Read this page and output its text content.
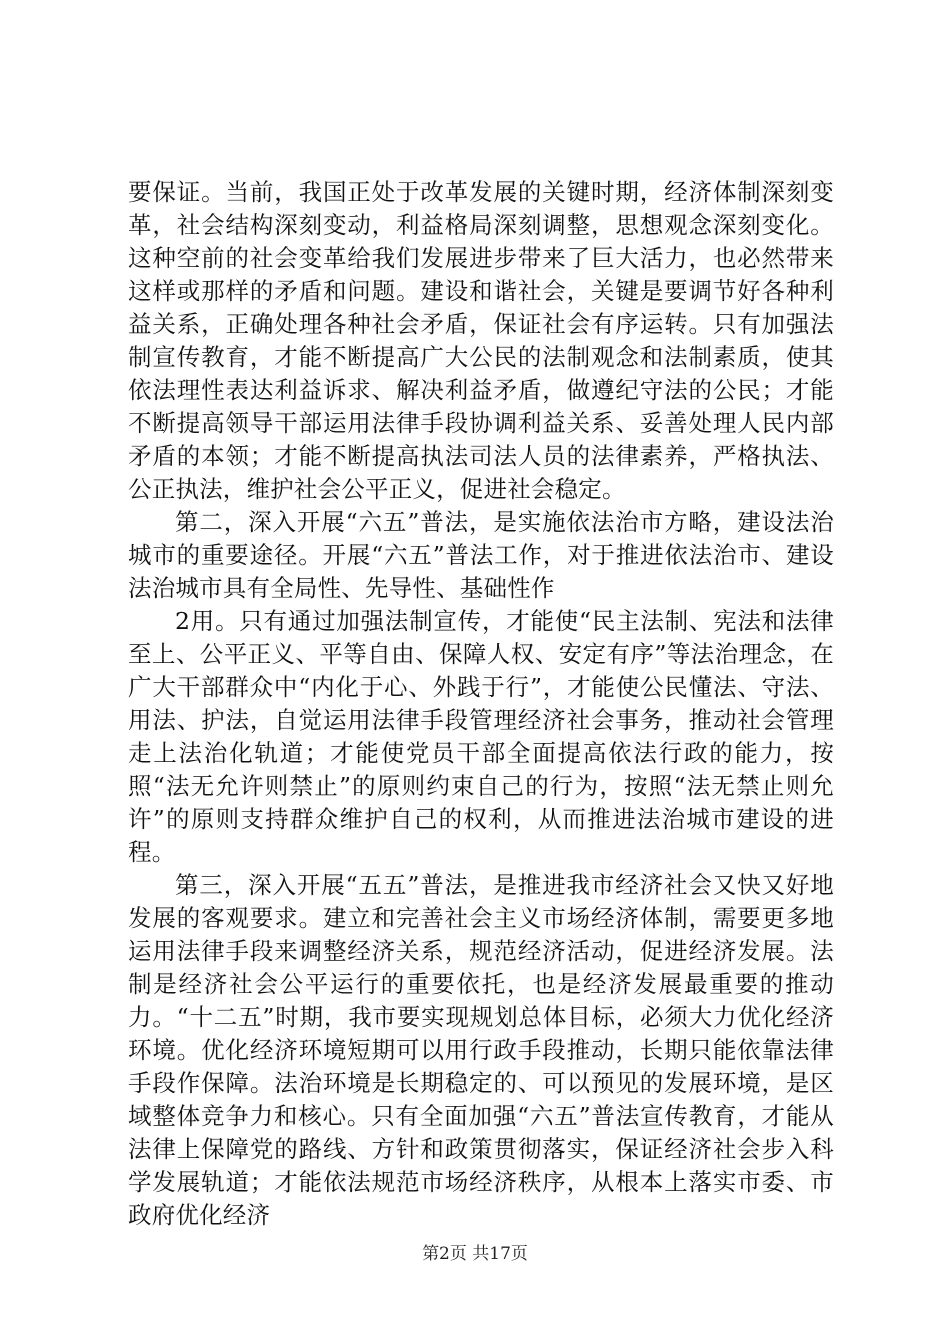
要保证。当前，我国正处于改革发展的关键时期，经济体制深刻变革，社会结构深刻变动，利益格局深刻调整，思想观念深刻变化。这种空前的社会变革给我们发展进步带来了巨大活力，也必然带来这样或那样的矛盾和问题。建设和谐社会，关键是要调节好各种利益关系，正确处理各种社会矛盾，保证社会有序运转。只有加强法制宣传教育，才能不断提高广大公民的法制观念和法制素质，使其依法理性表达利益诉求、解决利益矛盾，做遵纪守法的公民；才能不断提高领导干部运用法律手段协调利益关系、妥善处理人民内部矛盾的本领；才能不断提高执法司法人员的法律素养，严格执法、公正执法，维护社会公平正义，促进社会稳定。

第二，深入开展“六五”普法，是实施依法治市方略，建设法治城市的重要途径。开展“六五”普法工作，对于推进依法治市、建设法治城市具有全局性、先导性、基础性作

2用。只有通过加强法制宣传，才能使“民主法制、宪法和法律至上、公平正义、平等自由、保障人权、安定有序”等法治理念，在广大干部群众中“内化于心、外践于行”，才能使公民懂法、守法、用法、护法，自觉运用法律手段管理经济社会事务，推动社会管理走上法治化轨道；才能使党员干部全面提高依法行政的能力，按照“法无允许则禁止”的原则约束自己的行为，按照“法无禁止则允许”的原则支持群众维护自己的权利，从而推进法治城市建设的进程。

第三，深入开展“五五”普法，是推进我市经济社会又快又好地发展的客观要求。建立和完善社会主义市场经济体制，需要更多地运用法律手段来调整经济关系，规范经济活动，促进经济发展。法制是经济社会公平运行的重要依托，也是经济发展最重要的推动力。“十二五”时期，我市要实现规划总体目标，必须大力优化经济环境。优化经济环境短期可以用行政手段推动，长期只能依靠法律手段作保障。法治环境是长期稳定的、可以预见的发展环境，是区域整体竞争力和核心。只有全面加强“六五”普法宣传教育，才能从法律上保障党的路线、方针和政策贯彻落实，保证经济社会步入科学发展轨道；才能依法规范市场经济秩序，从根本上落实市委、市政府优化经济

第2页 共17页
